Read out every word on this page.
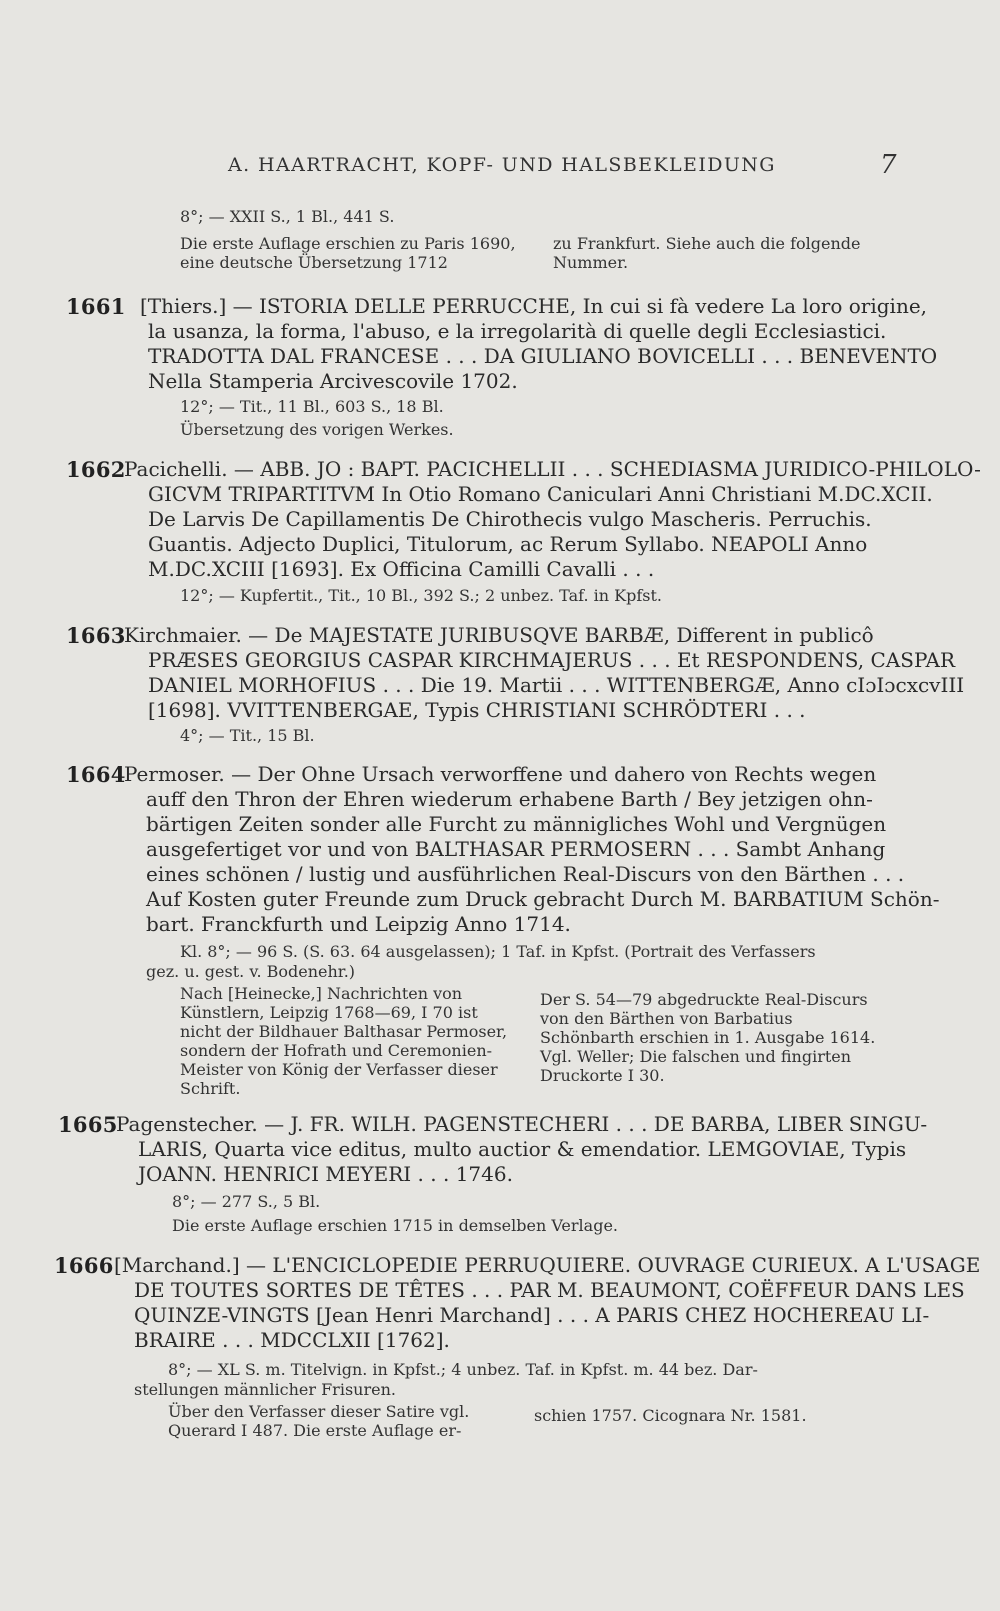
A. HAARTRACHT, KOPF- UND HALSBEKLEIDUNG	7
8°; — XXII S., 1 Bl., 441 S.
Die erste Auflage erschien zu Paris 1690, eine deutsche Übersetzung 1712
zu Frankfurt. Siehe auch die folgende Nummer.
1661 [Thiers.] — ISTORIA DELLE PERRUCCHE, In cui si fà vedere La loro origine,
la usanza, la forma, l'abuso, e la irregolarità di quelle degli Ecclesiastici.
TRADOTTA DAL FRANCESE . . . DA GIULIANO BOVICELLI . . . BENEVENTO
Nella Stamperia Arcivescovile 1702.
12°; — Tit., 11 Bl., 603 S., 18 Bl.
Übersetzung des vorigen Werkes.
1662
Pacichelli. — ABB. JO : BAPT. PACICHELLII . . . SCHEDIASMA JURIDICO-PHILOLO-
GICVM TRIPARTITVM In Otio Romano Caniculari Anni Christiani M.DC.XCII.
De Larvis De Capillamentis De Chirothecis vulgo Mascheris. Perruchis.
Guantis. Adjecto Duplici, Titulorum, ac Rerum Syllabo. NEAPOLI Anno
M.DC.XCIII [1693]. Ex Officina Camilli Cavalli . . .
12°; — Kupfertit., Tit., 10 Bl., 392 S.; 2 unbez. Taf. in Kpfst.
1663
Kirchmaier. — De MAJESTATE JURIBUSQVE BARBÆ, Different in publicô
PRÆSES GEORGIUS CASPAR KIRCHMAJERUS . . . Et RESPONDENS, CASPAR
DANIEL MORHOFIUS . . . Die 19. Martii . . . WITTENBERGÆ, Anno cIɔIɔcxcvIII
[1698]. VVITTENBERGAE, Typis CHRISTIANI SCHRÖDTERI . . .
4°; — Tit., 15 Bl.
1664
Permoser. — Der Ohne Ursach verworffene und dahero von Rechts wegen
auff den Thron der Ehren wiederum erhabene Barth / Bey jetzigen ohn-
bärtigen Zeiten sonder alle Furcht zu männigliches Wohl und Vergnügen
ausgefertiget vor und von BALTHASAR PERMOSERN . . . Sambt Anhang
eines schönen / lustig und ausführlichen Real-Discurs von den Bärthen . . .
Auf Kosten guter Freunde zum Druck gebracht Durch M. BARBATIUM Schön-
bart. Franckfurth und Leipzig Anno 1714.
Kl. 8°; — 96 S. (S. 63. 64 ausgelassen); 1 Taf. in Kpfst. (Portrait des Verfassers
gez. u. gest. v. Bodenehr.)
Nach [Heinecke,] Nachrichten von Künstlern, Leipzig 1768—69, I 70 ist nicht der Bildhauer Balthasar Permoser, sondern der Hofrath und Ceremonien-Meister von König der Verfasser dieser Schrift.
Der S. 54—79 abgedruckte Real-Discurs von den Bärthen von Barbatius Schönbarth erschien in 1. Ausgabe 1614. Vgl. Weller; Die falschen und fingirten Druckorte I 30.
1665
Pagenstecher. — J. FR. WILH. PAGENSTECHERI . . . DE BARBA, LIBER SINGU-
LARIS, Quarta vice editus, multo auctior & emendatior. LEMGOVIAE, Typis
JOANN. HENRICI MEYERI . . . 1746.
8°; — 277 S., 5 Bl.
Die erste Auflage erschien 1715 in demselben Verlage.
1666 [Marchand.] — L'ENCICLOPEDIE PERRUQUIERE. OUVRAGE CURIEUX. A L'USAGE
DE TOUTES SORTES DE TÊTES . . . PAR M. BEAUMONT, COËFFEUR DANS LES
QUINZE-VINGTS [Jean Henri Marchand] . . . A PARIS CHEZ HOCHEREAU LI-
BRAIRE . . . MDCCLXII [1762].
8°; — XL S. m. Titelvign. in Kpfst.; 4 unbez. Taf. in Kpfst. m. 44 bez. Dar-
stellungen männlicher Frisuren.
Über den Verfasser dieser Satire vgl. Querard I 487. Die erste Auflage er-
schien 1757. Cicognara Nr. 1581.
